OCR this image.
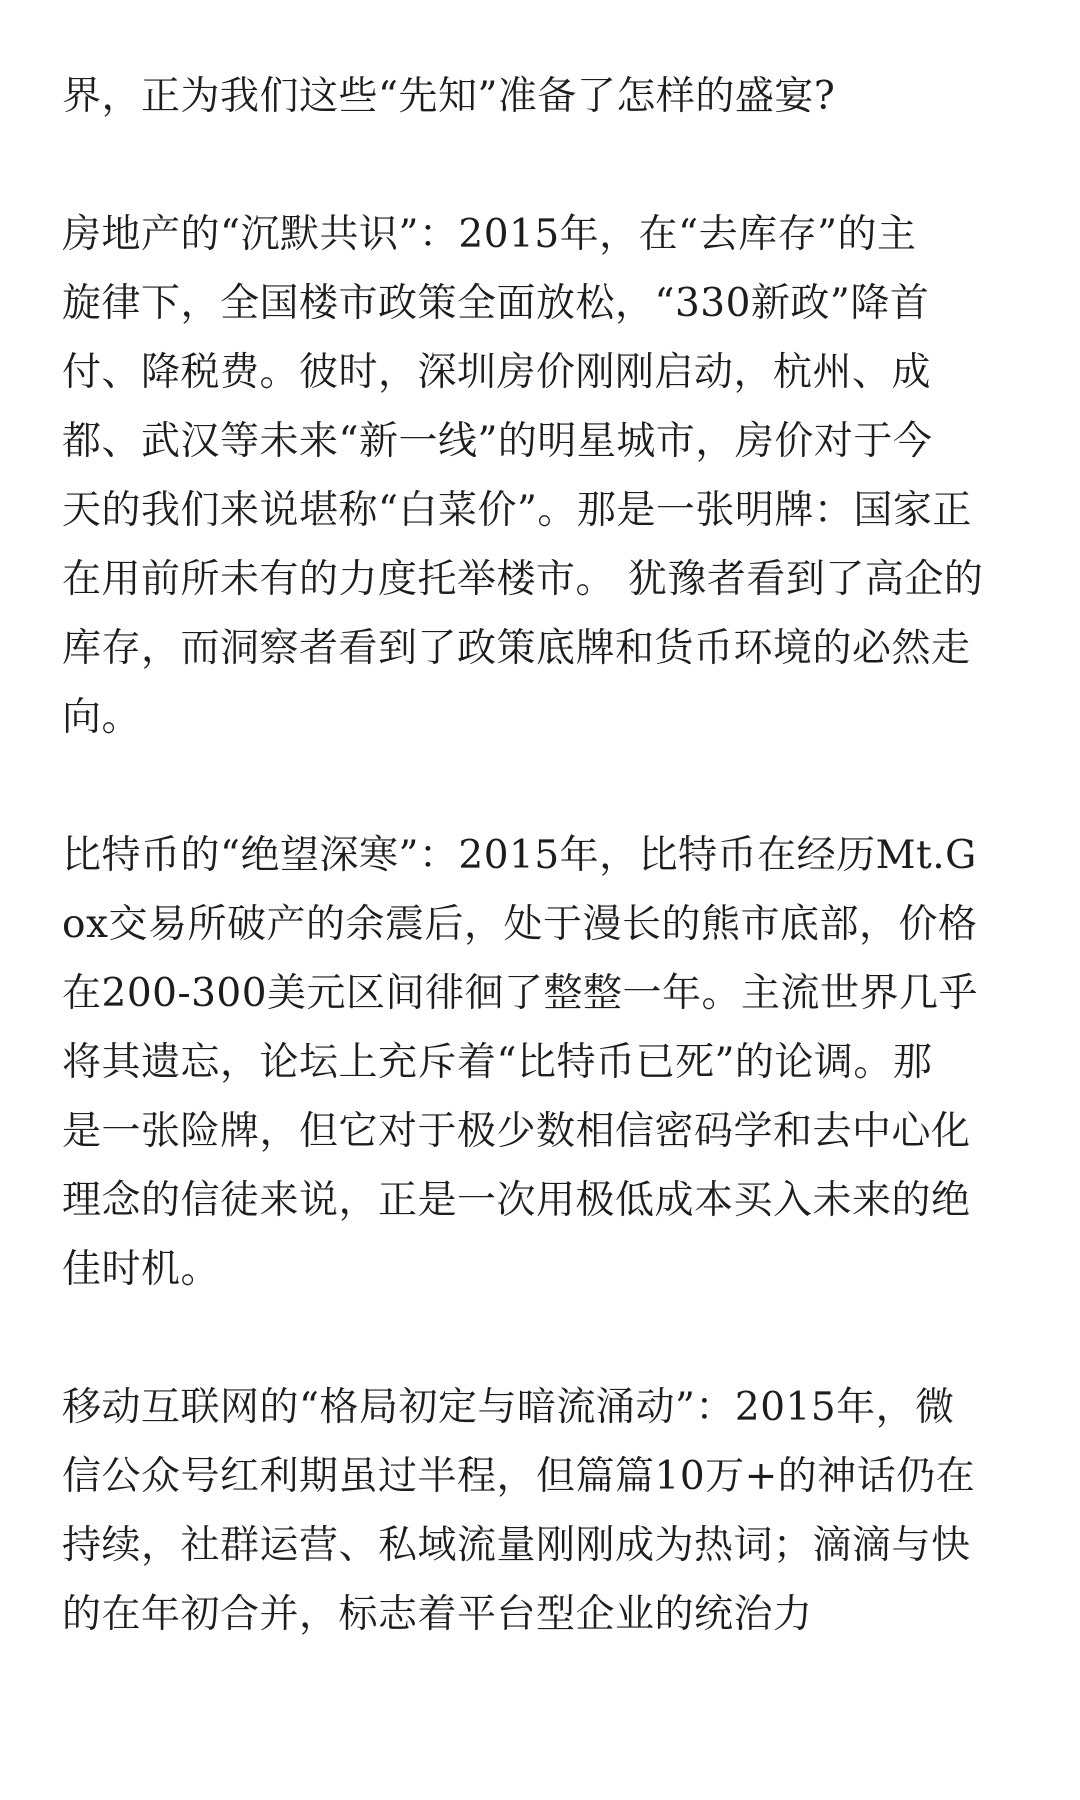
界，正为我们这些“先知”准备了怎样的盛宴?

房地产的“沉默共识”：2015年，在“去库存”的主
旋律下，全国楼市政策全面放松，“330新政”降首
付、降税费。彼时，深圳房价刚刚启动，杭州、成
都、武汉等未来“新一线”的明星城市，房价对于今
天的我们来说堪称“白菜价”。那是一张明牌：国家正
在用前所未有的力度托举楼市。 犹豫者看到了高企的
库存，而洞察者看到了政策底牌和货币环境的必然走
向。

比特币的“绝望深寒”：2015年，比特币在经历Mt.G
ox交易所破产的余震后，处于漫长的熊市底部，价格
在200-300美元区间徘徊了整整一年。主流世界几乎
将其遗忘，论坛上充斥着“比特币已死”的论调。那
是一张险牌，但它对于极少数相信密码学和去中心化
理念的信徒来说，正是一次用极低成本买入未来的绝
佳时机。

移动互联网的“格局初定与暗流涌动”：2015年，微
信公众号红利期虽过半程，但篇篇10万+的神话仍在
持续，社群运营、私域流量刚刚成为热词；滴滴与快
的在年初合并，标志着平台型企业的统治力
